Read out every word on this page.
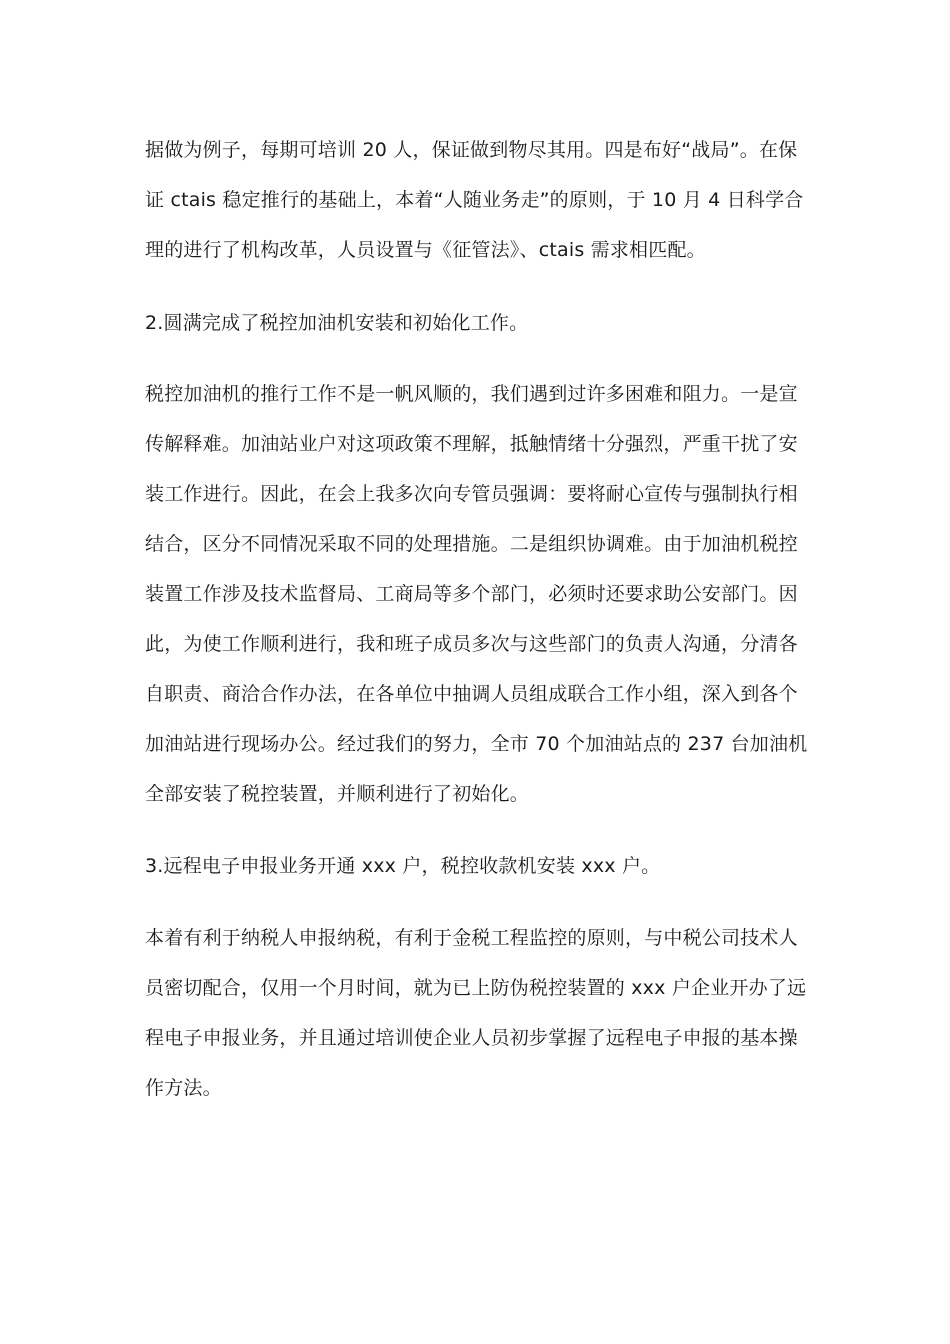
据做为例子，每期可培训 20 人，保证做到物尽其用。四是布好“战局”。在保
证 ctais 稳定推行的基础上，本着“人随业务走”的原则，于 10 月 4 日科学合
理的进行了机构改革，人员设置与《征管法》、ctais 需求相匹配。
2.圆满完成了税控加油机安装和初始化工作。
税控加油机的推行工作不是一帆风顺的，我们遇到过许多困难和阻力。一是宣
传解释难。加油站业户对这项政策不理解，抵触情绪十分强烈，严重干扰了安
装工作进行。因此，在会上我多次向专管员强调：要将耐心宣传与强制执行相
结合，区分不同情况采取不同的处理措施。二是组织协调难。由于加油机税控
装置工作涉及技术监督局、工商局等多个部门，必须时还要求助公安部门。因
此，为使工作顺利进行，我和班子成员多次与这些部门的负责人沟通，分清各
自职责、商洽合作办法，在各单位中抽调人员组成联合工作小组，深入到各个
加油站进行现场办公。经过我们的努力，全市 70 个加油站点的 237 台加油机
全部安装了税控装置，并顺利进行了初始化。
3.远程电子申报业务开通 xxx 户，税控收款机安装 xxx 户。
本着有利于纳税人申报纳税，有利于金税工程监控的原则，与中税公司技术人
员密切配合，仅用一个月时间，就为已上防伪税控装置的 xxx 户企业开办了远
程电子申报业务，并且通过培训使企业人员初步掌握了远程电子申报的基本操
作方法。
